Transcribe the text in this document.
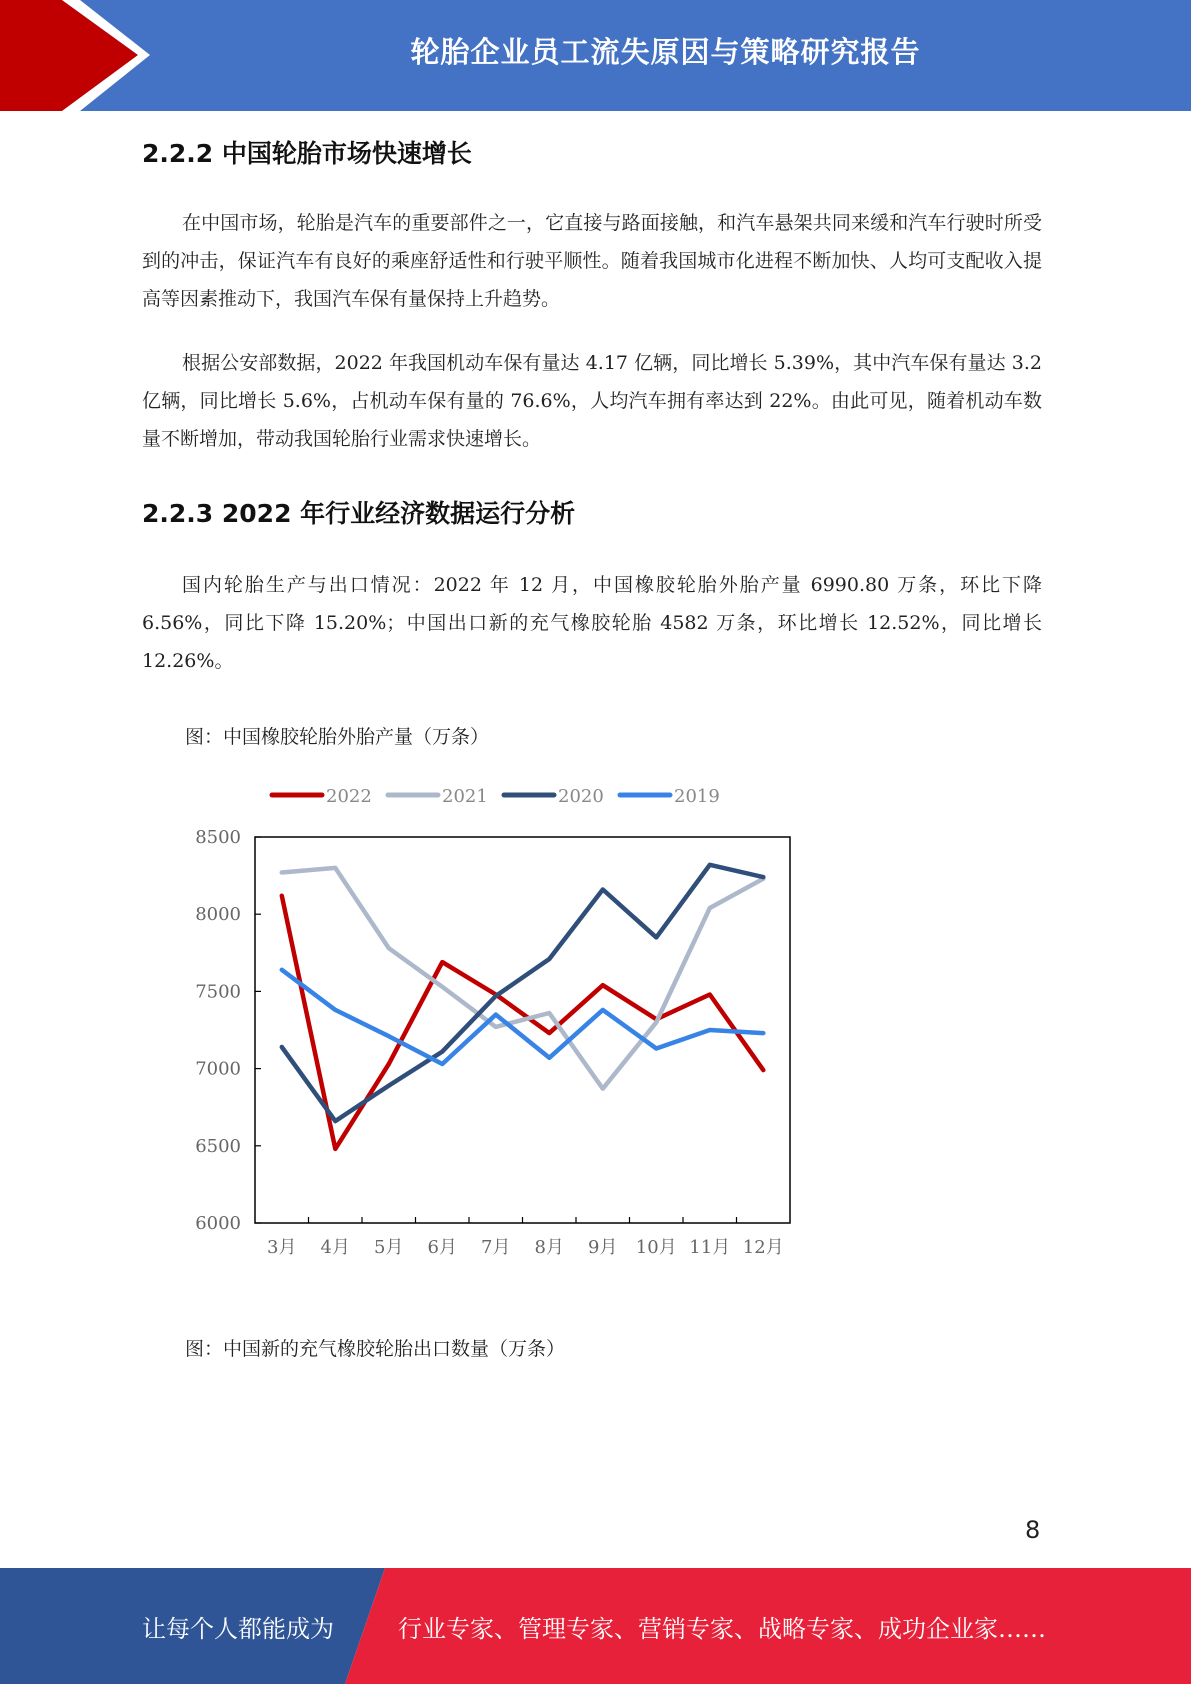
轮胎企业员工流失原因与策略研究报告
2.2.2 中国轮胎市场快速增长

在中国市场，轮胎是汽车的重要部件之一，它直接与路面接触，和汽车悬架共同来缓和汽车行驶时所受到的冲击，保证汽车有良好的乘座舒适性和行驶平顺性。随着我国城市化进程不断加快、人均可支配收入提高等因素推动下，我国汽车保有量保持上升趋势。

根据公安部数据，2022 年我国机动车保有量达 4.17 亿辆，同比增长 5.39%，其中汽车保有量达 3.2 亿辆，同比增长 5.6%，占机动车保有量的 76.6%，人均汽车拥有率达到 22%。由此可见，随着机动车数量不断增加，带动我国轮胎行业需求快速增长。

2.2.3 2022 年行业经济数据运行分析

国内轮胎生产与出口情况：2022 年 12 月，中国橡胶轮胎外胎产量 6990.80 万条，环比下降 6.56%，同比下降 15.20%；中国出口新的充气橡胶轮胎 4582 万条，环比增长 12.52%，同比增长 12.26%。

图：中国橡胶轮胎外胎产量（万条）

2022	2021	2020	2019
6000
6500
7000
7500
8000
8500
3月 4月 5月 6月 7月 8月 9月 10月 11月 12月

图：中国新的充气橡胶轮胎出口数量（万条）

8
让每个人都能成为	行业专家、管理专家、营销专家、战略专家、成功企业家……
